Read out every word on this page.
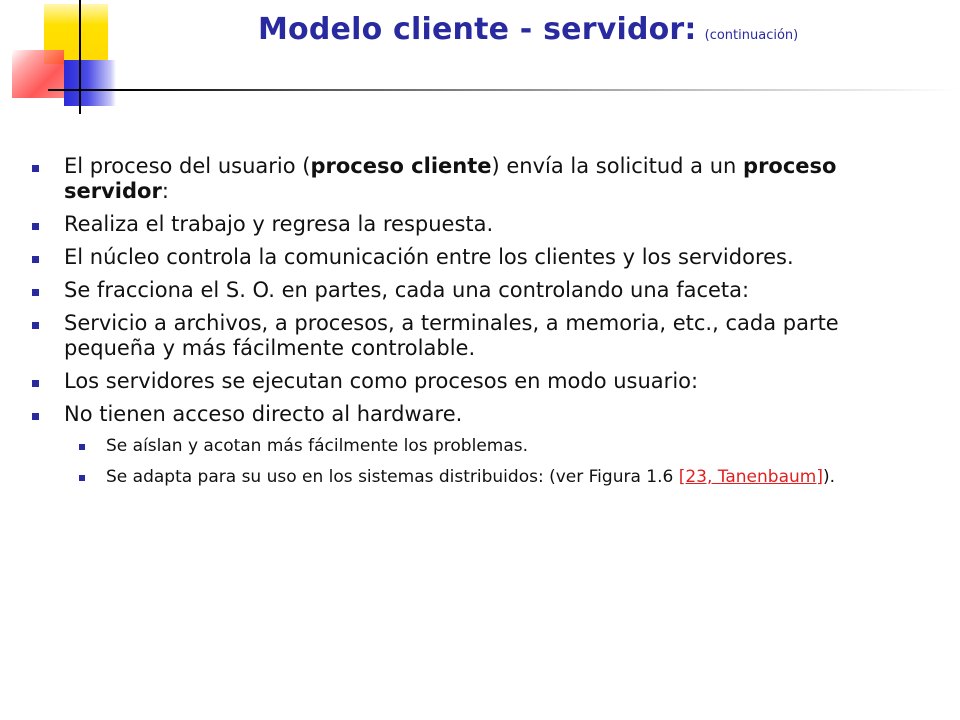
Modelo cliente - servidor: (continuación)
El proceso del usuario (proceso cliente) envía la solicitud a un proceso servidor:
Realiza el trabajo y regresa la respuesta.
El núcleo controla la comunicación entre los clientes y los servidores.
Se fracciona el S. O. en partes, cada una controlando una faceta:
Servicio a archivos, a procesos, a terminales, a memoria, etc., cada parte pequeña y más fácilmente controlable.
Los servidores se ejecutan como procesos en modo usuario:
No tienen acceso directo al hardware.
Se aíslan y acotan más fácilmente los problemas.
Se adapta para su uso en los sistemas distribuidos: (ver Figura 1.6 [23, Tanenbaum]).
